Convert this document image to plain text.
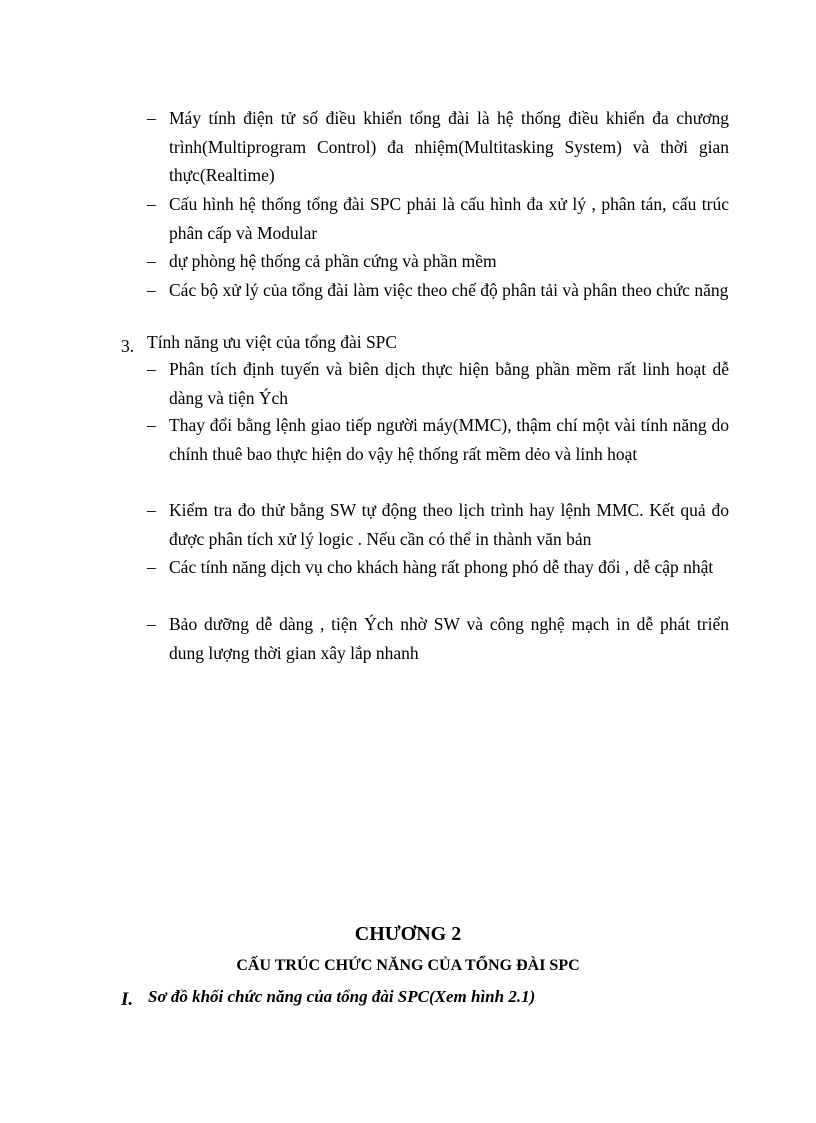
– Máy tính điện tử số điều khiển tổng đài là hệ thống điều khiển đa chương trình(Multiprogram Control) đa nhiệm(Multitasking System) và thời gian thực(Realtime)
– Cấu hình hệ thống tổng đài SPC phải là cấu hình đa xử lý , phân tán, cấu trúc phân cấp và Modular
– dự phòng hệ thống cả phần cứng và phần mềm
– Các bộ xử lý của tổng đài làm việc theo chế độ phân tải và phân theo chức năng
3. Tính năng ưu việt của tổng đài SPC
– Phân tích định tuyến và biên dịch thực hiện bằng phần mềm rất linh hoạt dễ dàng và tiện Ých
– Thay đổi bằng lệnh giao tiếp người máy(MMC), thậm chí một vài tính năng do chính thuê bao thực hiện do vậy hệ thống rất mềm dẻo và linh hoạt
– Kiểm tra đo thử bằng SW tự động theo lịch trình hay lệnh MMC. Kết quả đo được phân tích xử lý logic . Nếu cần có thể in thành văn bản
– Các tính năng dịch vụ cho khách hàng rất phong phó dễ thay đổi , dễ cập nhật
– Bảo dưỡng dễ dàng , tiện Ých nhờ SW và công nghệ mạch in dễ phát triển dung lượng thời gian xây lắp nhanh
CHƯƠNG 2
CẤU TRÚC CHỨC NĂNG CỦA TỔNG ĐÀI SPC
I. Sơ đồ khối chức năng của tổng đài SPC(Xem hình 2.1)
